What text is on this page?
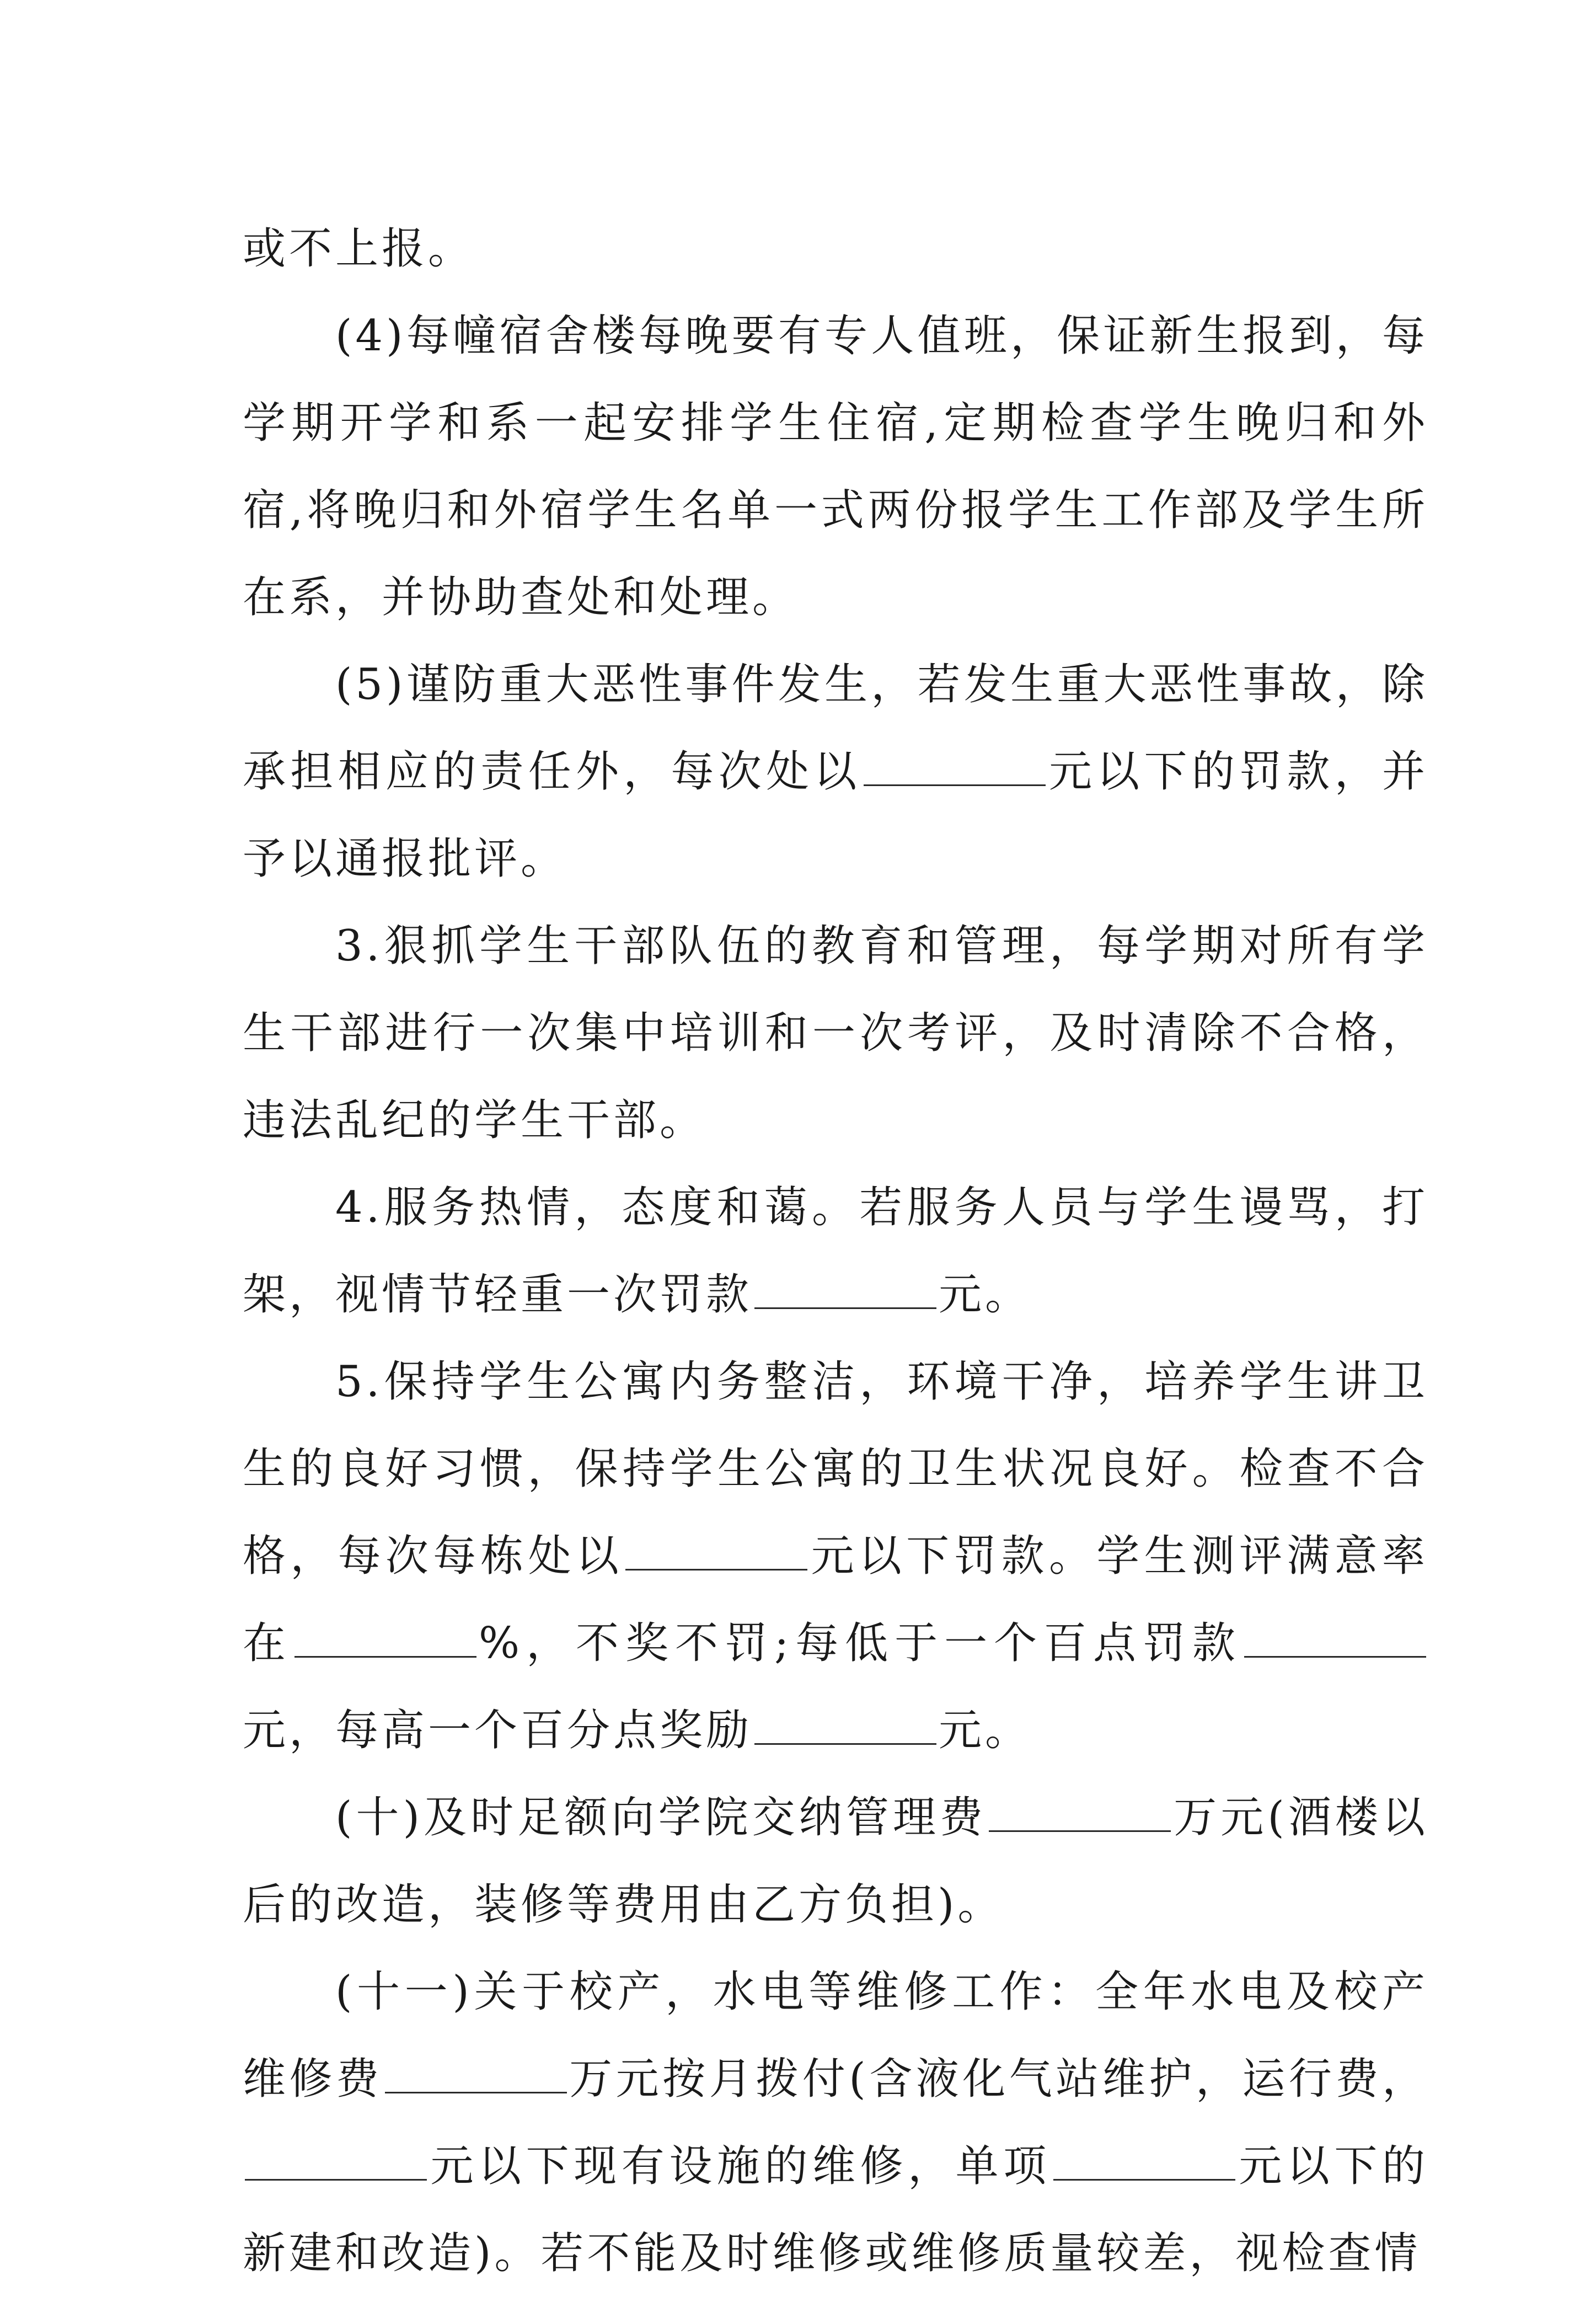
或不上报。

(4)每幢宿舍楼每晚要有专人值班，保证新生报到，每学期开学和系一起安排学生住宿,定期检查学生晚归和外宿,将晚归和外宿学生名单一式两份报学生工作部及学生所在系，并协助查处和处理。

(5)谨防重大恶性事件发生，若发生重大恶性事故，除承担相应的责任外，每次处以	元以下的罚款，并予以通报批评。

3.狠抓学生干部队伍的教育和管理，每学期对所有学生干部进行一次集中培训和一次考评，及时清除不合格，违法乱纪的学生干部。

4.服务热情，态度和蔼。若服务人员与学生谩骂，打架，视情节轻重一次罚款	元。

5.保持学生公寓内务整洁，环境干净，培养学生讲卫生的良好习惯，保持学生公寓的卫生状况良好。检查不合格，每次每栋处以	元以下罚款。学生测评满意率在	%，不奖不罚;每低于一个百点罚款元，每高一个百分点奖励	元。

(十)及时足额向学院交纳管理费	万元(酒楼以后的改造，装修等费用由乙方负担)。

(十一)关于校产，水电等维修工作：全年水电及校产维修费	万元按月拨付(含液化气站维护，运行费，元以下现有设施的维修，单项	元以下的新建和改造)。若不能及时维修或维修质量较差，视检查情
